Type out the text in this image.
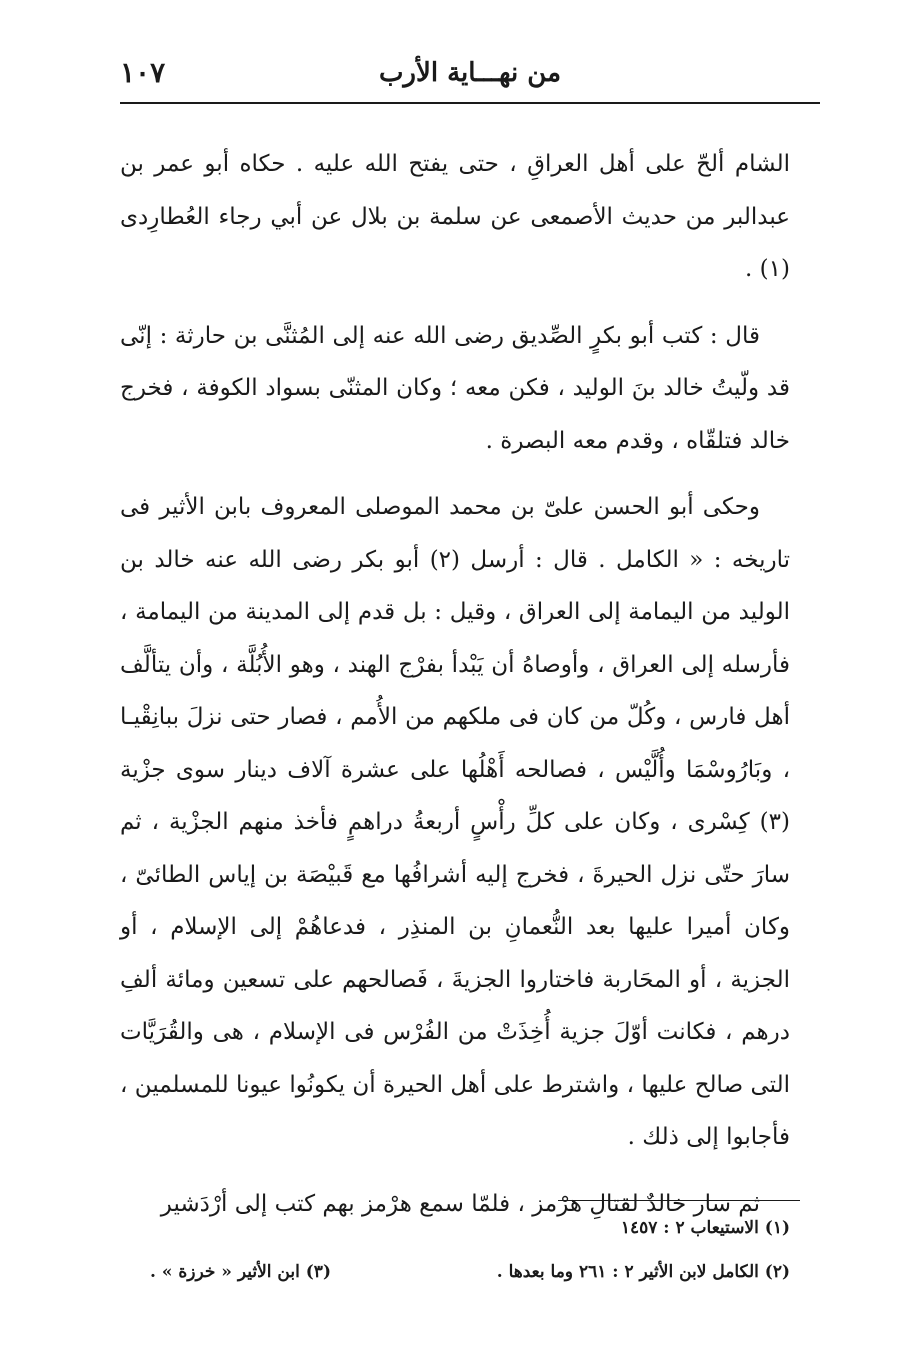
من نهـــاية الأرب
١٠٧

الشام ألحّ على أهل العراقِ ، حتى يفتح الله عليه . حكاه أبو عمر بن عبدالبر من حديث الأصمعى عن سلمة بن بلال عن أبي رجاء العُطارِدى (١) .

قال : كتب أبو بكرٍ الصِّديق رضى الله عنه إلى المُثنَّى بن حارثة : إنّى قد ولّيتُ خالد بنَ الوليد ، فكن معه ؛ وكان المثنّى بسواد الكوفة ، فخرج خالد فتلقّاه ، وقدم معه البصرة .

وحكى أبو الحسن علىّ بن محمد الموصلى المعروف بابن الأثير فى تاريخه : « الكامل . قال : أرسل (٢) أبو بكر رضى الله عنه خالد بن الوليد من اليمامة إلى العراق ، وقيل : بل قدم إلى المدينة من اليمامة ، فأرسله إلى العراق ، وأوصاهُ أن يَبْدأ بفرْج الهند ، وهو الأُبُلَّة ، وأن يتألَّف أهل فارس ، وكُلّ من كان فى ملكهم من الأُمم ، فصار حتى نزلَ ببانِقْيـا ، وبَارُوسْمَا وأُلَّيْس ، فصالحه أَهْلُها على عشرة آلاف دينار سوى جزْية (٣) كِسْرى ، وكان على كلِّ رأْسٍ أربعةُ دراهمٍ فأخذ منهم الجزْية ، ثم سارَ حتّى نزل الحيرةَ ، فخرج إليه أشرافُها مع قَبيْصَة بن إياس الطائىّ ، وكان أميرا عليها بعد النُّعمانِ بن المنذِر ، فدعاهُمْ إلى الإسلام ، أو الجزية ، أو المحَاربة فاختاروا الجزيةَ ، فَصالحهم على تسعين ومائة ألفِ درهم ، فكانت أوّلَ جزية أُخِذَتْ من الفُرْس فى الإسلام ، هى والقُرَيَّات التى صالح عليها ، واشترط على أهل الحيرة أن يكونُوا عيونا للمسلمين ، فأجابوا إلى ذلك .

ثم سار خالدٌ لقتالِ هرْمز ، فلمّا سمع هرْمز بهم كتب إلى أرْدَشير

(١) الاستيعاب ٢ : ١٤٥٧
(٢) الكامل لابن الأثير ٢ : ٢٦١ وما بعدها .
(٣) ابن الأثير « خرزة » .
